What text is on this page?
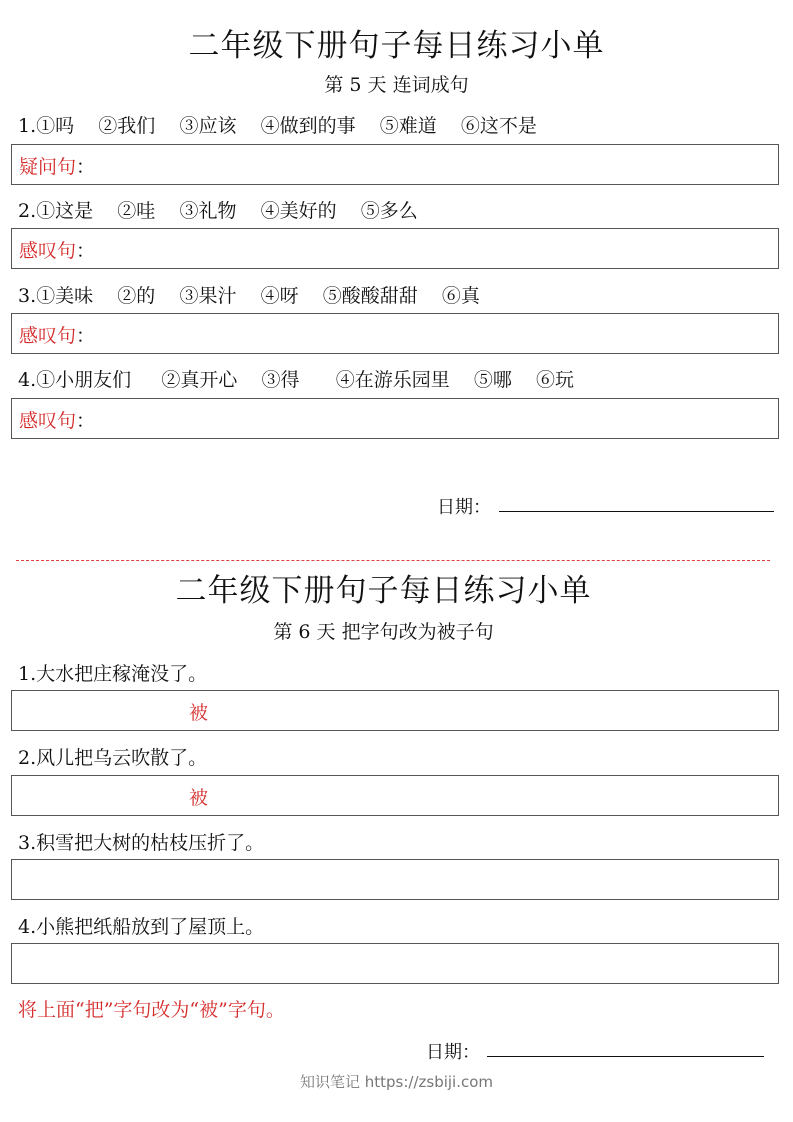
二年级下册句子每日练习小单
第 5 天 连词成句
1.①吗    ②我们    ③应该    ④做到的事    ⑤难道    ⑥这不是
疑问句：
2.①这是    ②哇    ③礼物    ④美好的    ⑤多么
感叹句：
3.①美味    ②的    ③果汁    ④呀    ⑤酸酸甜甜    ⑥真
感叹句：
4.①小朋友们     ②真开心    ③得      ④在游乐园里    ⑤哪    ⑥玩
感叹句：
日期：
二年级下册句子每日练习小单
第 6 天 把字句改为被子句
1.大水把庄稼淹没了。
被
2.风儿把乌云吹散了。
被
3.积雪把大树的枯枝压折了。
4.小熊把纸船放到了屋顶上。
将上面“把”字句改为“被”字句。
日期：
知识笔记 https://zsbiji.com
